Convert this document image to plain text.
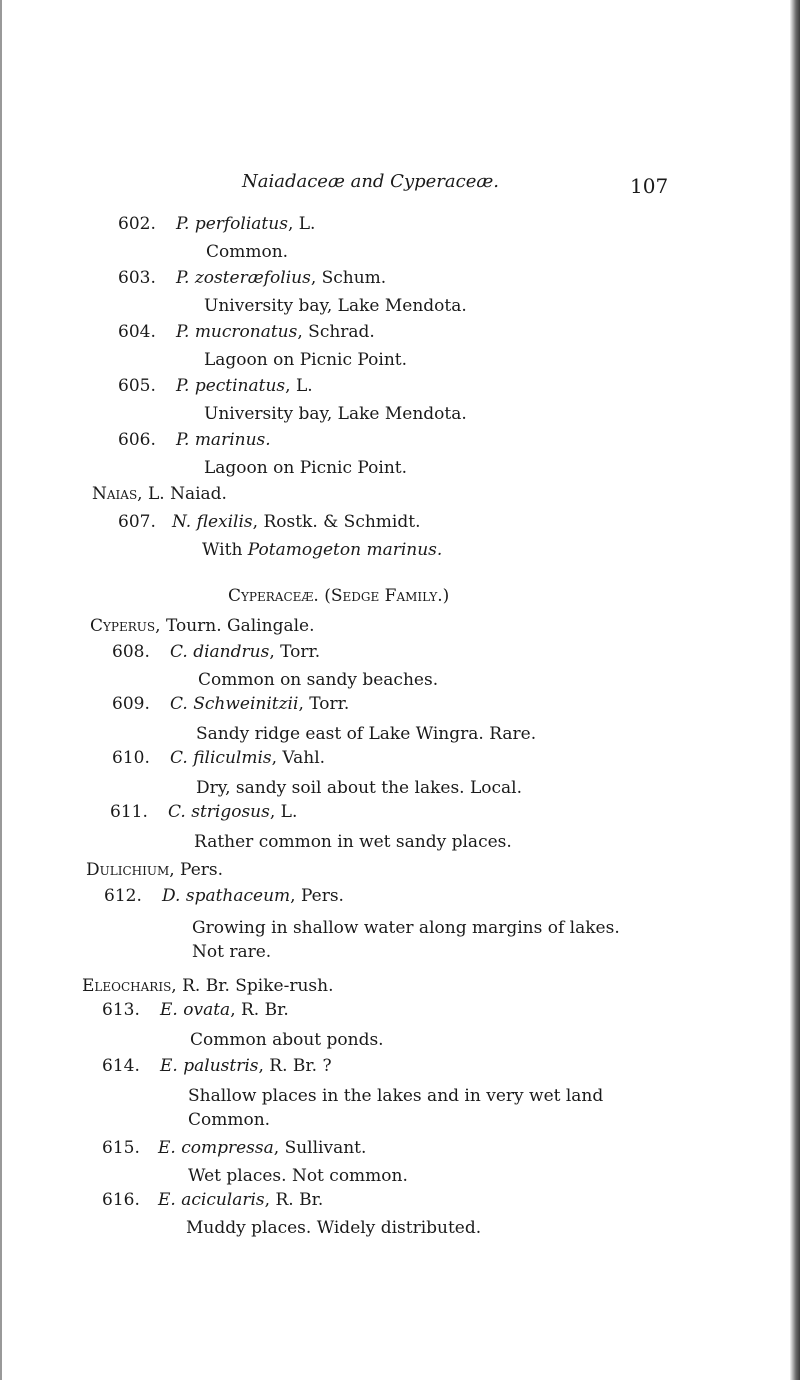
Naiadaceæ and Cyperaceæ.	107
602. P. perfoliatus, L.
Common.
603. P. zosteræfolius, Schum.
University bay, Lake Mendota.
604. P. mucronatus, Schrad.
Lagoon on Picnic Point.
605. P. pectinatus, L.
University bay, Lake Mendota.
606. P. marinus.
Lagoon on Picnic Point.
Naias, L. Naiad.
607. N. flexilis, Rostk. & Schmidt.
With Potamogeton marinus.
Cyperaceæ. (Sedge Family.)
Cyperus, Tourn. Galingale.
608. C. diandrus, Torr.
Common on sandy beaches.
609. C. Schweinitzii, Torr.
Sandy ridge east of Lake Wingra. Rare.
610. C. filiculmis, Vahl.
Dry, sandy soil about the lakes. Local.
611. C. strigosus, L.
Rather common in wet sandy places.
Dulichium, Pers.
612. D. spathaceum, Pers.
Growing in shallow water along margins of lakes.
Not rare.
Eleocharis, R. Br. Spike-rush.
613. E. ovata, R. Br.
Common about ponds.
614. E. palustris, R. Br. ?
Shallow places in the lakes and in very wet land
Common.
615. E. compressa, Sullivant.
Wet places. Not common.
616. E. acicularis, R. Br.
Muddy places. Widely distributed.
